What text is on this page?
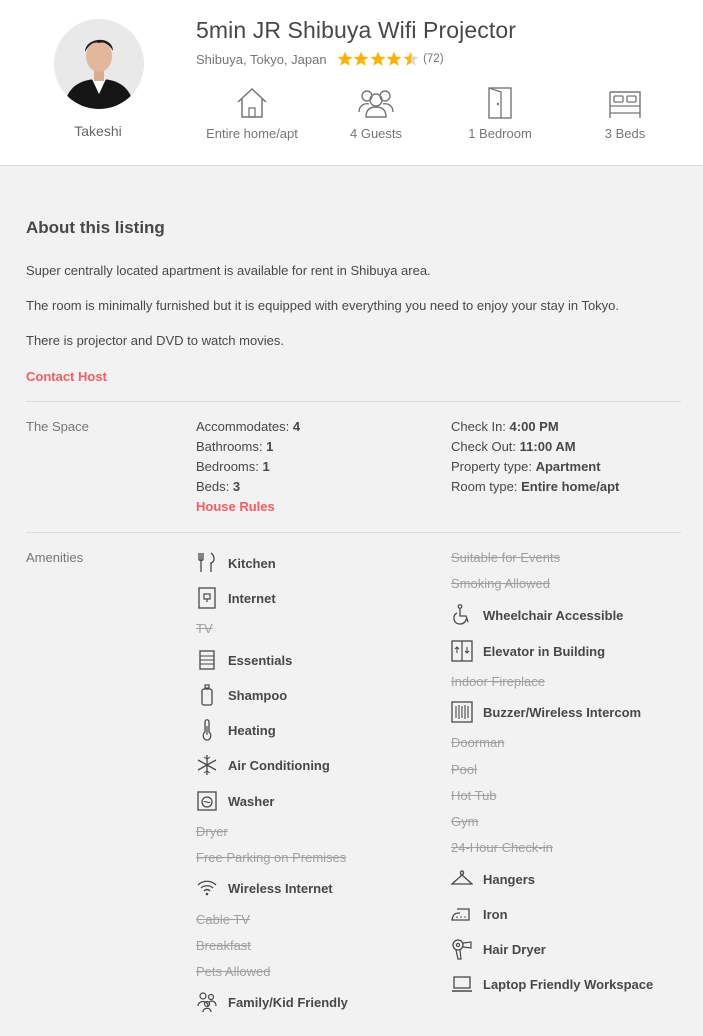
Takeshi
5min JR Shibuya Wifi Projector
Shibuya, Tokyo, Japan	(72)
Entire home/apt	4 Guests	1 Bedroom	3 Beds
About this listing
Super centrally located apartment is available for rent in Shibuya area.
The room is minimally furnished but it is equipped with everything you need to enjoy your stay in Tokyo.
There is projector and DVD to watch movies.
Contact Host
The Space	Accommodates: 4
Bathrooms: 1
Bedrooms: 1
Beds: 3
House Rules
Check In: 4:00 PM
Check Out: 11:00 AM
Property type: Apartment
Room type: Entire home/apt
Amenities	Kitchen
Internet
TV
Essentials
Shampoo
Heating
Air Conditioning
Washer
Dryer
Free Parking on Premises
Wireless Internet
Cable TV
Breakfast
Pets Allowed
Family/Kid Friendly
Suitable for Events
Smoking Allowed
Wheelchair Accessible
Elevator in Building
Indoor Fireplace
Buzzer/Wireless Intercom
Doorman
Pool
Hot Tub
Gym
24-Hour Check-in
Hangers
Iron
Hair Dryer
Laptop Friendly Workspace
